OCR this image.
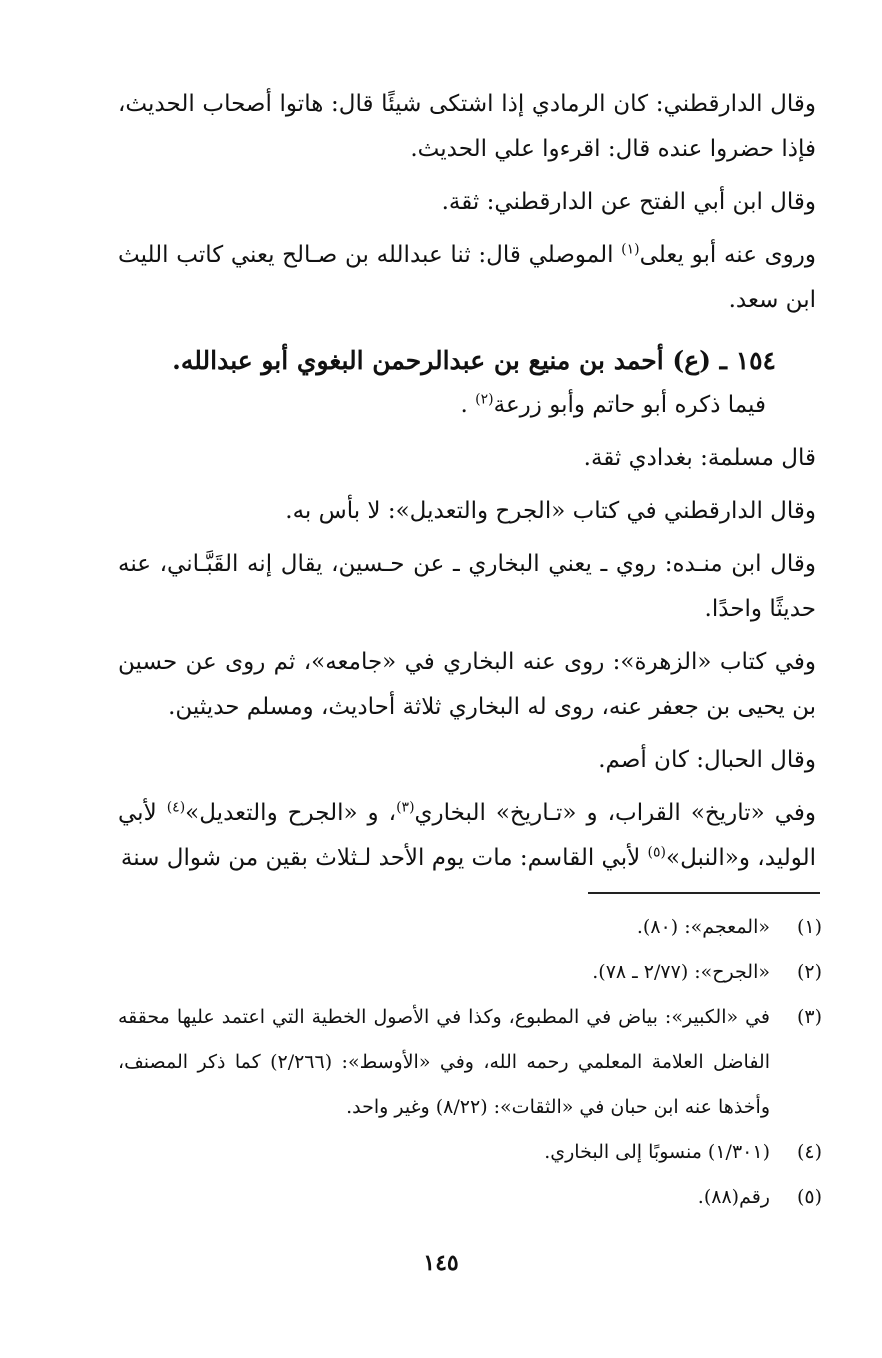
وقال الدارقطني: كان الرمادي إذا اشتكى شيئًا قال: هاتوا أصحاب الحديث، فإذا حضروا عنده قال: اقرءوا علي الحديث.

وقال ابن أبي الفتح عن الدارقطني: ثقة.

وروى عنه أبو يعلى$^{(١)}$ الموصلي قال: ثنا عبدالله بن صـالح يعني كاتب الليث ابن سعد.

١٥٤ ـ (ع) أحمد بن منيع بن عبدالرحمن البغوي أبو عبدالله.

فيما ذكره أبو حاتم وأبو زرعة$^{(٢)}$ .

قال مسلمة: بغدادي ثقة.

وقال الدارقطني في كتاب «الجرح والتعديل»: لا بأس به.

وقال ابن منـده: روي ـ يعني البخاري ـ عن حـسين، يقال إنه القَبَّـاني، عنه حديثًا واحدًا.

وفي كتاب «الزهرة»: روى عنه البخاري في «جامعه»، ثم روى عن حسين بن يحيى بن جعفر عنه، روى له البخاري ثلاثة أحاديث، ومسلم حديثين.

وقال الحبال: كان أصم.

وفي «تاريخ» القراب، و «تـاريخ» البخاري$^{(٣)}$، و «الجرح والتعديل»$^{(٤)}$ لأبي الوليد، و«النبل»$^{(٥)}$ لأبي القاسم: مات يوم الأحد لـثلاث بقين من شوال سنة

(١)
«المعجم»: (٨٠).
(٢)
«الجرح»: (٢/٧٧ ـ ٧٨).
(٣)
في «الكبير»: بياض في المطبوع، وكذا في الأصول الخطية التي اعتمد عليها محققه الفاضل العلامة المعلمي رحمه الله، وفي «الأوسط»: (٢/٢٦٦) كما ذكر المصنف، وأخذها عنه ابن حبان في «الثقات»: (٨/٢٢) وغير واحد.
(٤)
(١/٣٠١) منسوبًا إلى البخاري.
(٥)
رقم(٨٨).
١٤٥
